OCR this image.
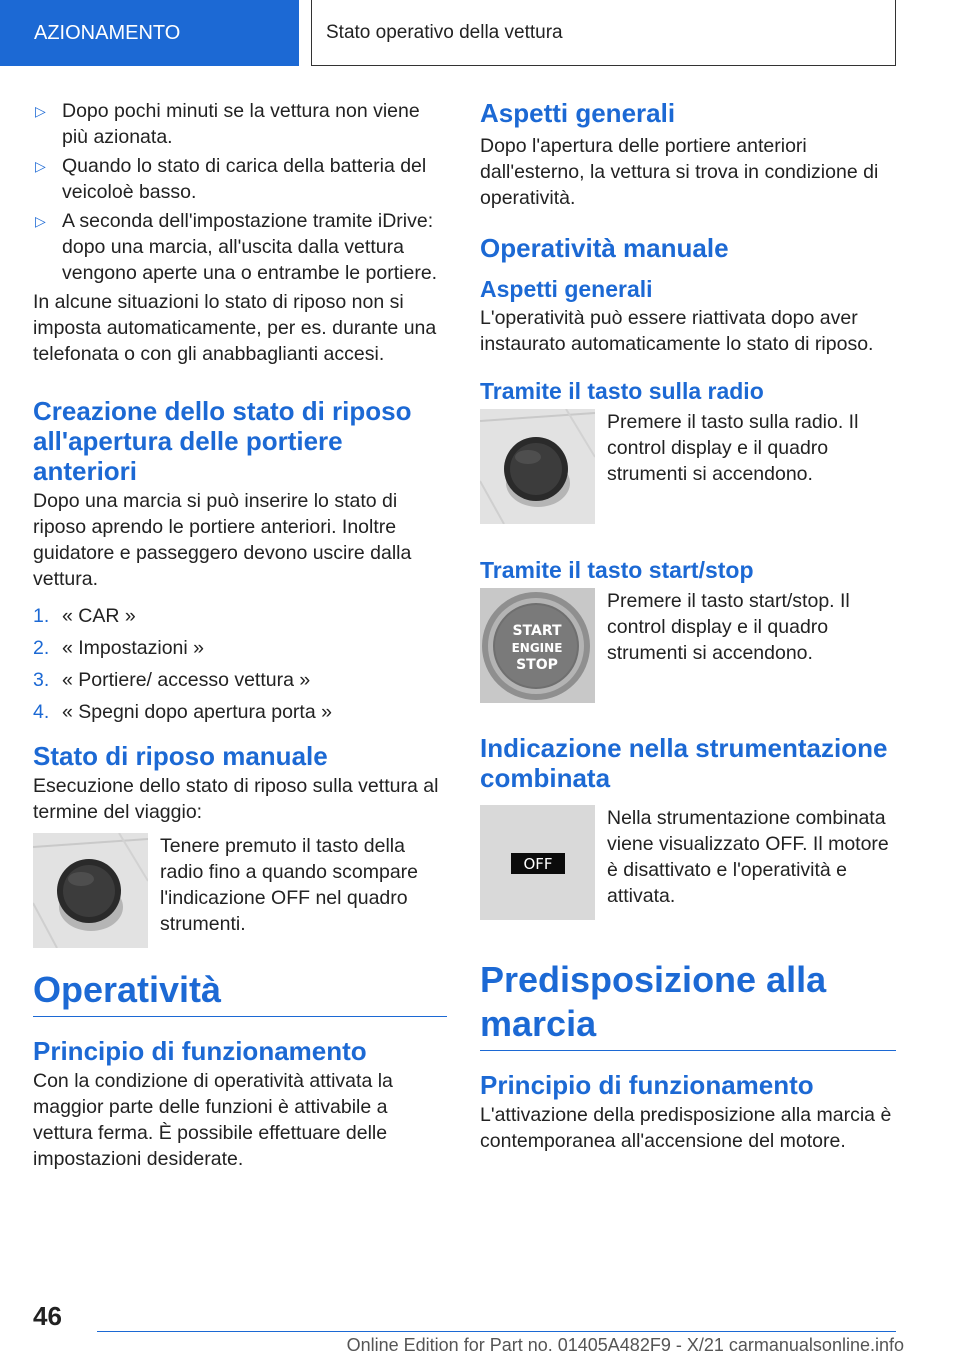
AZIONAMENTO	Stato operativo della vettura
▷ Dopo pochi minuti se la vettura non viene più azionata.
▷ Quando lo stato di carica della batteria del veicoloè basso.
▷ A seconda dell'impostazione tramite iDrive: dopo una marcia, all'uscita dalla vettura vengono aperte una o entrambe le portiere.

In alcune situazioni lo stato di riposo non si imposta automaticamente, per es. durante una telefonata o con gli anabbaglianti accesi.

Creazione dello stato di riposo all'apertura delle portiere anteriori

Dopo una marcia si può inserire lo stato di riposo aprendo le portiere anteriori. Inoltre guidatore e passeggero devono uscire dalla vettura.

1. « CAR »
2. « Impostazioni »
3. « Portiere/ accesso vettura »
4. « Spegni dopo apertura porta »
Stato di riposo manuale

Esecuzione dello stato di riposo sulla vettura al termine del viaggio:

Tenere premuto il tasto della radio fino a quando scompare l'indicazione OFF nel quadro strumenti.

Operatività
Principio di funzionamento

Con la condizione di operatività attivata la maggior parte delle funzioni è attivabile a vettura ferma. È possibile effettuare delle impostazioni desiderate.

Aspetti generali

Dopo l'apertura delle portiere anteriori dall'esterno, la vettura si trova in condizione di operatività.

Operatività manuale
Aspetti generali

L'operatività può essere riattivata dopo aver instaurato automaticamente lo stato di riposo.

Tramite il tasto sulla radio

Premere il tasto sulla radio. Il control display e il quadro strumenti si accendono.

Tramite il tasto start/stop
START
ENGINE
STOP

Premere il tasto start/stop. Il control display e il quadro strumenti si accendono.

Indicazione nella strumentazione combinata
OFF

Nella strumentazione combinata viene visualizzato OFF. Il motore è disattivato e l'operatività e attivata.

Predisposizione alla marcia
Principio di funzionamento

L'attivazione della predisposizione alla marcia è contemporanea all'accensione del motore.

46
Online Edition for Part no. 01405A482F9 - X/21 carmanualsonline.info
